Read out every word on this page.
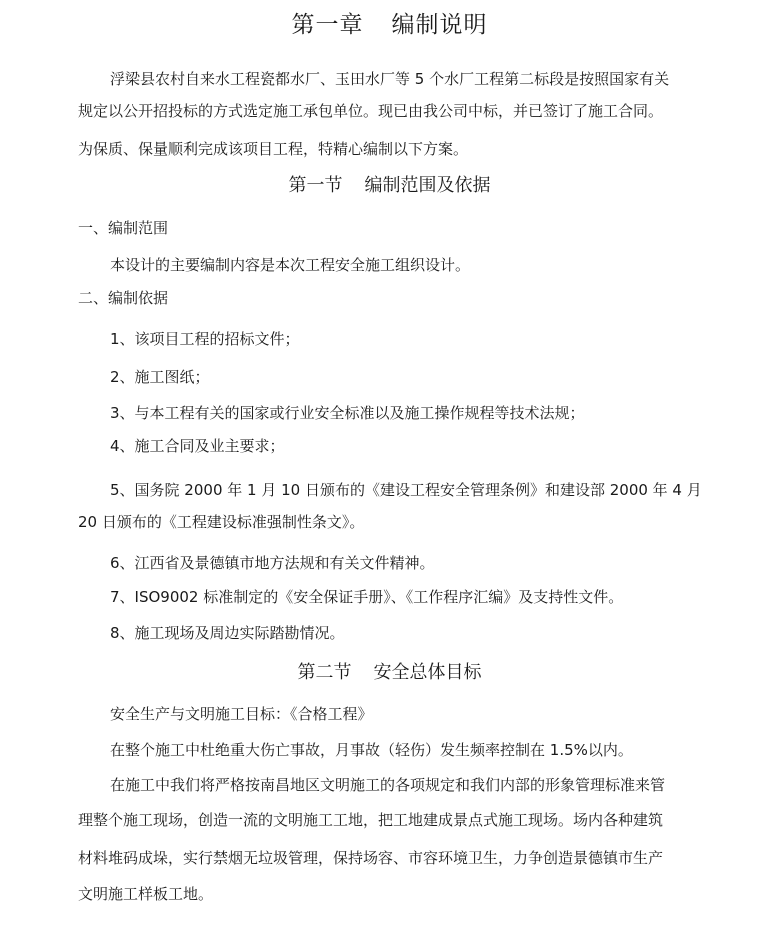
第一章 编制说明
浮梁县农村自来水工程瓷都水厂、玉田水厂等 5 个水厂工程第二标段是按照国家有关
规定以公开招投标的方式选定施工承包单位。现已由我公司中标，并已签订了施工合同。
为保质、保量顺利完成该项目工程，特精心编制以下方案。
第一节 编制范围及依据
一、编制范围
本设计的主要编制内容是本次工程安全施工组织设计。
二、编制依据
1、该项目工程的招标文件；
2、施工图纸；
3、与本工程有关的国家或行业安全标准以及施工操作规程等技术法规；
4、施工合同及业主要求；
5、国务院 2000 年 1 月 10 日颁布的《建设工程安全管理条例》和建设部 2000 年 4 月
20 日颁布的《工程建设标准强制性条文》。
6、江西省及景德镇市地方法规和有关文件精神。
7、ISO9002 标准制定的《安全保证手册》、《工作程序汇编》及支持性文件。
8、施工现场及周边实际踏勘情况。
第二节 安全总体目标
安全生产与文明施工目标：《合格工程》
在整个施工中杜绝重大伤亡事故，月事故（轻伤）发生频率控制在 1.5%以内。
在施工中我们将严格按南昌地区文明施工的各项规定和我们内部的形象管理标准来管
理整个施工现场，创造一流的文明施工工地，把工地建成景点式施工现场。场内各种建筑
材料堆码成垛，实行禁烟无垃圾管理，保持场容、市容环境卫生，力争创造景德镇市生产
文明施工样板工地。
